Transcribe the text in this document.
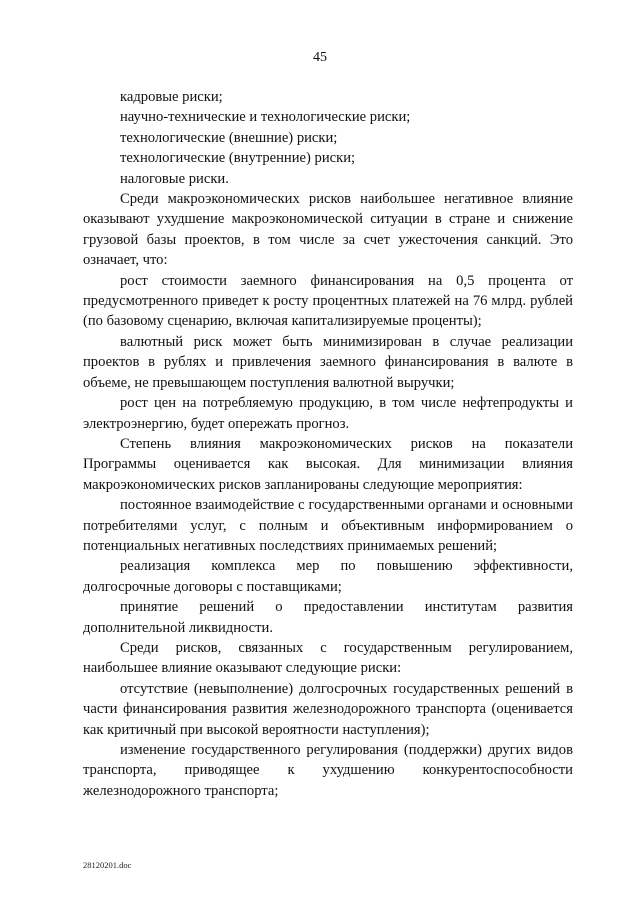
45

кадровые риски;

научно-технические и технологические риски;

технологические (внешние) риски;

технологические (внутренние) риски;

налоговые риски.

Среди макроэкономических рисков наибольшее негативное влияние оказывают ухудшение макроэкономической ситуации в стране и снижение грузовой базы проектов, в том числе за счет ужесточения санкций. Это означает, что:

рост стоимости заемного финансирования на 0,5 процента от предусмотренного приведет к росту процентных платежей на 76 млрд. рублей (по базовому сценарию, включая капитализируемые проценты);

валютный риск может быть минимизирован в случае реализации проектов в рублях и привлечения заемного финансирования в валюте в объеме, не превышающем поступления валютной выручки;

рост цен на потребляемую продукцию, в том числе нефтепродукты и электроэнергию, будет опережать прогноз.

Степень влияния макроэкономических рисков на показатели Программы оценивается как высокая. Для минимизации влияния макроэкономических рисков запланированы следующие мероприятия:

постоянное взаимодействие с государственными органами и основными потребителями услуг, с полным и объективным информированием о потенциальных негативных последствиях принимаемых решений;

реализация комплекса мер по повышению эффективности, долгосрочные договоры с поставщиками;

принятие решений о предоставлении институтам развития дополнительной ликвидности.

Среди рисков, связанных с государственным регулированием, наибольшее влияние оказывают следующие риски:

отсутствие (невыполнение) долгосрочных государственных решений в части финансирования развития железнодорожного транспорта (оценивается как критичный при высокой вероятности наступления);

изменение государственного регулирования (поддержки) других видов транспорта, приводящее к ухудшению конкурентоспособности железнодорожного транспорта;

28120201.doc
